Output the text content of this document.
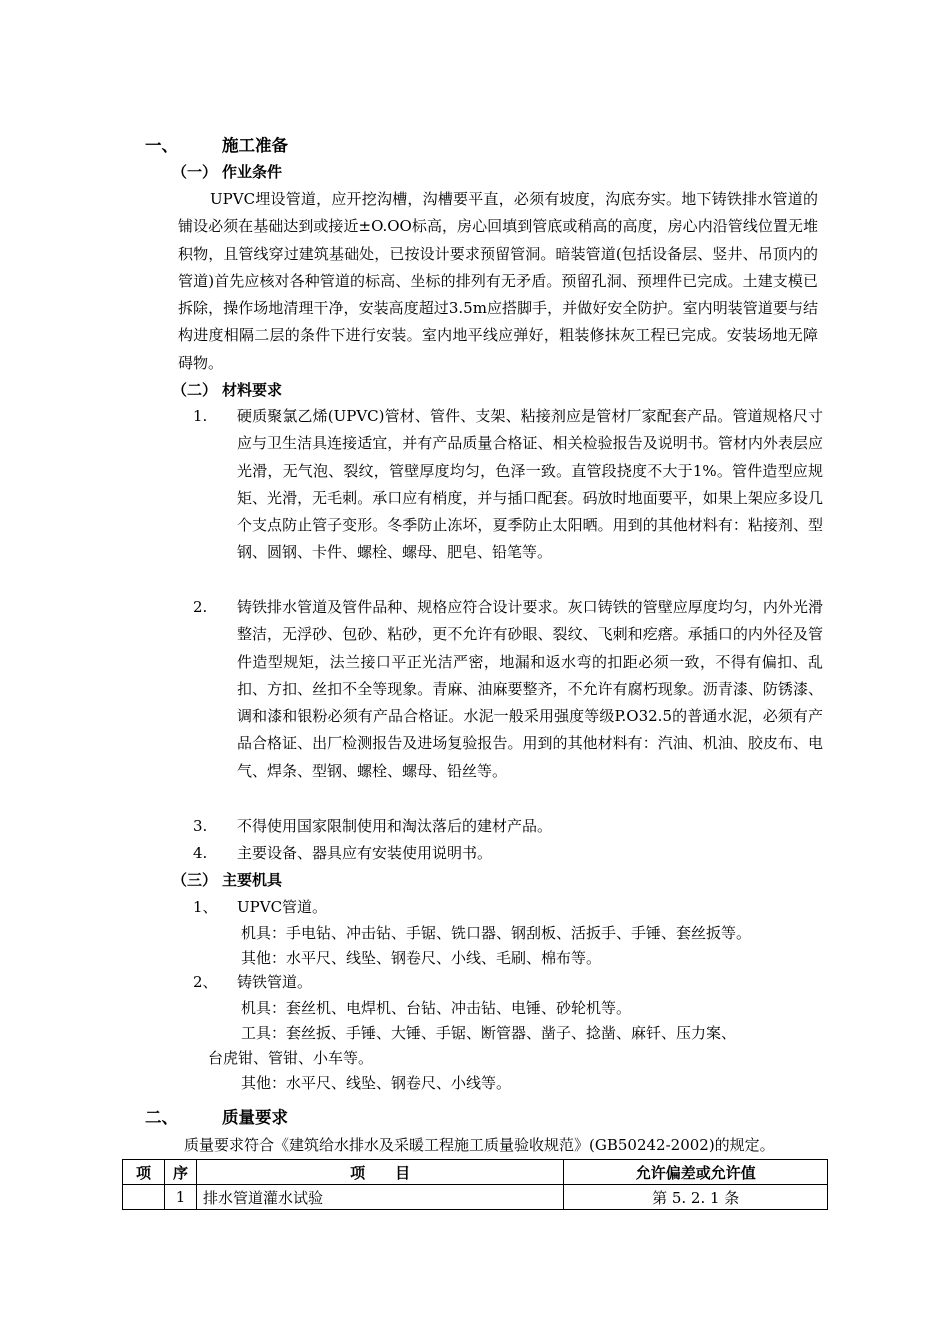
一、	施工准备
（一） 作业条件
UPVC埋设管道，应开挖沟槽，沟槽要平直，必须有坡度，沟底夯实。地下铸铁排水管道的铺设必须在基础达到或接近±O.OO标高，房心回填到管底或稍高的高度，房心内沿管线位置无堆积物，且管线穿过建筑基础处，已按设计要求预留管洞。暗装管道(包括设备层、竖井、吊顶内的管道)首先应核对各种管道的标高、坐标的排列有无矛盾。预留孔洞、预埋件已完成。土建支模已拆除，操作场地清理干净，安装高度超过3.5m应搭脚手，并做好安全防护。室内明装管道要与结构进度相隔二层的条件下进行安装。室内地平线应弹好，粗装修抹灰工程已完成。安装场地无障碍物。
（二） 材料要求
1. 硬质聚氯乙烯(UPVC)管材、管件、支架、粘接剂应是管材厂家配套产品。管道规格尺寸应与卫生洁具连接适宜，并有产品质量合格证、相关检验报告及说明书。管材内外表层应光滑，无气泡、裂纹，管壁厚度均匀，色泽一致。直管段挠度不大于1%。管件造型应规矩、光滑，无毛刺。承口应有梢度，并与插口配套。码放时地面要平，如果上架应多设几个支点防止管子变形。冬季防止冻坏，夏季防止太阳晒。用到的其他材料有：粘接剂、型钢、圆钢、卡件、螺栓、螺母、肥皂、铅笔等。
2. 铸铁排水管道及管件品种、规格应符合设计要求。灰口铸铁的管壁应厚度均匀，内外光滑整洁，无浮砂、包砂、粘砂，更不允许有砂眼、裂纹、飞刺和疙瘩。承插口的内外径及管件造型规矩，法兰接口平正光洁严密，地漏和返水弯的扣距必须一致，不得有偏扣、乱扣、方扣、丝扣不全等现象。青麻、油麻要整齐，不允许有腐朽现象。沥青漆、防锈漆、调和漆和银粉必须有产品合格证。水泥一般采用强度等级P.O32.5的普通水泥，必须有产品合格证、出厂检测报告及进场复验报告。用到的其他材料有：汽油、机油、胶皮布、电气、焊条、型钢、螺栓、螺母、铅丝等。
3. 不得使用国家限制使用和淘汰落后的建材产品。
4. 主要设备、器具应有安装使用说明书。
（三） 主要机具
1、 UPVC管道。
机具：手电钻、冲击钻、手锯、铣口器、钢刮板、活扳手、手锤、套丝扳等。
其他：水平尺、线坠、钢卷尺、小线、毛刷、棉布等。
2、 铸铁管道。
机具：套丝机、电焊机、台钻、冲击钻、电锤、砂轮机等。
工具：套丝扳、手锤、大锤、手锯、断管器、凿子、捻凿、麻钎、压力案、
台虎钳、管钳、小车等。
其他：水平尺、线坠、钢卷尺、小线等。
二、	质量要求
质量要求符合《建筑给水排水及采暖工程施工质量验收规范》(GB50242-2002)的规定。
项	序	项　　目	允许偏差或允许值
	1	排水管道灌水试验	第 5. 2. 1 条
